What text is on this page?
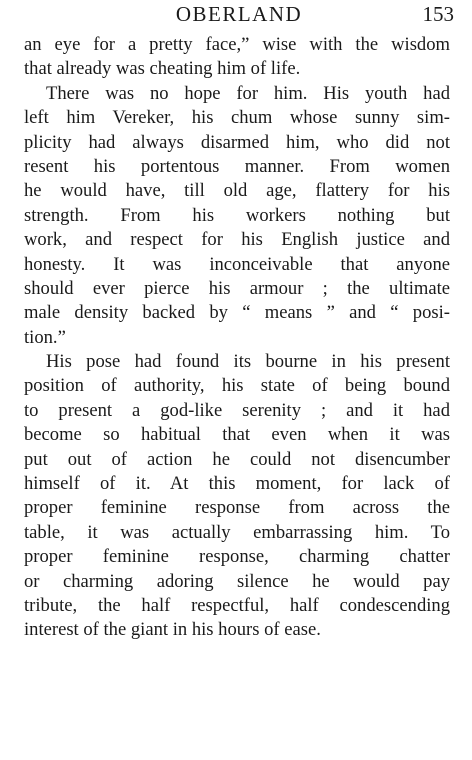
OBERLAND	153
an eye for a pretty face,” wise with the wisdom
that already was cheating him of life.
There was no hope for him. His youth had
left him Vereker, his chum whose sunny sim-
plicity had always disarmed him, who did not
resent his portentous manner. From women
he would have, till old age, flattery for his
strength. From his workers nothing but
work, and respect for his English justice and
honesty. It was inconceivable that anyone
should ever pierce his armour ; the ultimate
male density backed by “ means ” and “ posi-
tion.”
His pose had found its bourne in his present
position of authority, his state of being bound
to present a god-like serenity ; and it had
become so habitual that even when it was
put out of action he could not disencumber
himself of it. At this moment, for lack of
proper feminine response from across the
table, it was actually embarrassing him. To
proper feminine response, charming chatter
or charming adoring silence he would pay
tribute, the half respectful, half condescending
interest of the giant in his hours of ease.
